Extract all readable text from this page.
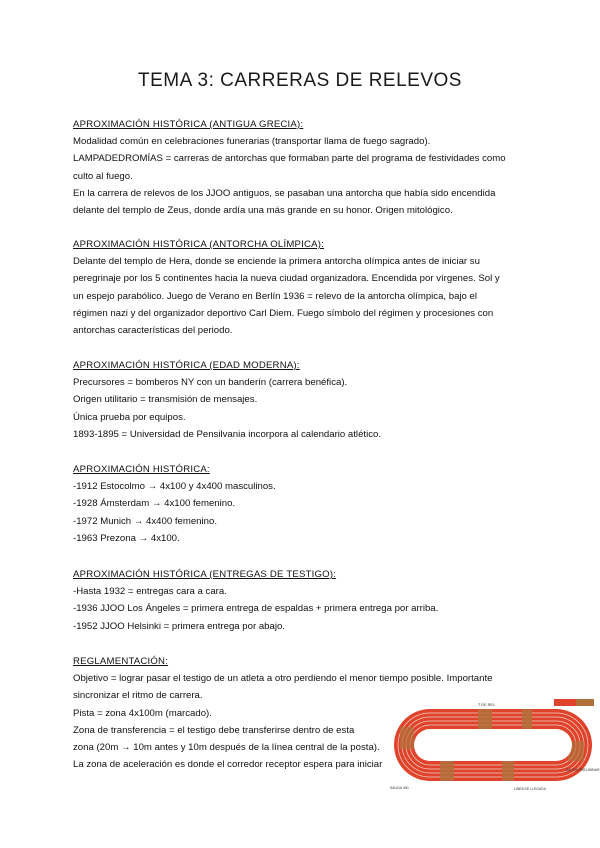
TEMA 3: CARRERAS DE RELEVOS
APROXIMACIÓN HISTÓRICA (ANTIGUA GRECIA):
Modalidad común en celebraciones funerarias (transportar llama de fuego sagrado).
LAMPADEDROMÍAS = carreras de antorchas que formaban parte del programa de festividades como
culto al fuego.
En la carrera de relevos de los JJOO antiguos, se pasaban una antorcha que había sido encendida
delante del templo de Zeus, donde ardía una más grande en su honor. Origen mitológico.
APROXIMACIÓN HISTÓRICA (ANTORCHA OLÍMPICA):
Delante del templo de Hera, donde se enciende la primera antorcha olímpica antes de iniciar su
peregrinaje por los 5 continentes hacia la nueva ciudad organizadora. Encendida por vírgenes. Sol y
un espejo parabólico. Juego de Verano en Berlín 1936 = relevo de la antorcha olímpica, bajo el
régimen nazi y del organizador deportivo Carl Diem. Fuego símbolo del régimen y procesiones con
antorchas características del periodo.
APROXIMACIÓN HISTÓRICA (EDAD MODERNA):
Precursores = bomberos NY con un banderín (carrera benéfica).
Origen utilitario = transmisión de mensajes.
Única prueba por equipos.
1893-1895 = Universidad de Pensilvania incorpora al calendario atlético.
APROXIMACIÓN HISTÓRICA:
-1912 Estocolmo → 4x100 y 4x400 masculinos.
-1928 Ámsterdam → 4x100 femenino.
-1972 Munich → 4x400 femenino.
-1963 Prezona → 4x100.
APROXIMACIÓN HISTÓRICA (ENTREGAS DE TESTIGO):
-Hasta 1932 = entregas cara a cara.
-1936 JJOO Los Ángeles = primera entrega de espaldas + primera entrega por arriba.
-1952 JJOO Helsinki = primera entrega por abajo.
REGLAMENTACIÓN:
Objetivo = lograr pasar el testigo de un atleta a otro perdiendo el menor tiempo posible. Importante
sincronizar el ritmo de carrera.
Pista = zona 4x100m (marcado).
Zona de transferencia = el testigo debe transferirse dentro de esta
zona (20m → 10m antes y 10m después de la línea central de la posta).
La zona de aceleración es donde el corredor receptor espera para iniciar
T DE REL
SALIDA PRELIMINAR
SALIDA 400	LINEA DE LLEGADA
